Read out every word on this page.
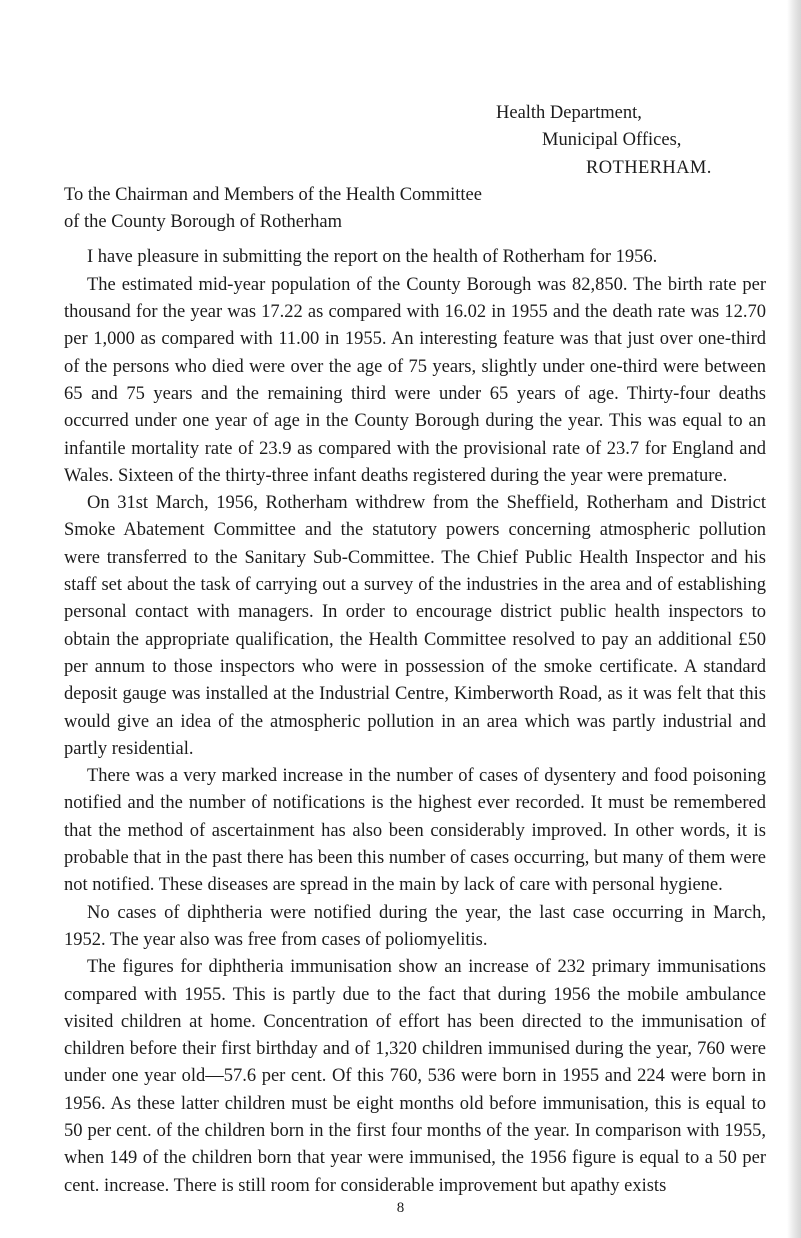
Health Department,
Municipal Offices,
ROTHERHAM.
To the Chairman and Members of the Health Committee
of the County Borough of Rotherham

I have pleasure in submitting the report on the health of Rotherham for 1956.

The estimated mid-year population of the County Borough was 82,850. The birth rate per thousand for the year was 17.22 as compared with 16.02 in 1955 and the death rate was 12.70 per 1,000 as compared with 11.00 in 1955. An interesting feature was that just over one-third of the persons who died were over the age of 75 years, slightly under one-third were between 65 and 75 years and the remaining third were under 65 years of age. Thirty-four deaths occurred under one year of age in the County Borough during the year. This was equal to an infantile mortality rate of 23.9 as compared with the provisional rate of 23.7 for England and Wales. Sixteen of the thirty-three infant deaths registered during the year were premature.

On 31st March, 1956, Rotherham withdrew from the Sheffield, Rotherham and District Smoke Abatement Committee and the statutory powers concerning atmospheric pollution were transferred to the Sanitary Sub-Committee. The Chief Public Health Inspector and his staff set about the task of carrying out a survey of the industries in the area and of establishing personal contact with managers. In order to encourage district public health inspectors to obtain the appropriate qualification, the Health Committee resolved to pay an additional £50 per annum to those inspectors who were in possession of the smoke certificate. A standard deposit gauge was installed at the Industrial Centre, Kimberworth Road, as it was felt that this would give an idea of the atmospheric pollution in an area which was partly industrial and partly residential.

There was a very marked increase in the number of cases of dysentery and food poisoning notified and the number of notifications is the highest ever recorded. It must be remembered that the method of ascertainment has also been considerably improved. In other words, it is probable that in the past there has been this number of cases occurring, but many of them were not notified. These diseases are spread in the main by lack of care with personal hygiene.

No cases of diphtheria were notified during the year, the last case occurring in March, 1952. The year also was free from cases of poliomyelitis.

The figures for diphtheria immunisation show an increase of 232 primary immunisations compared with 1955. This is partly due to the fact that during 1956 the mobile ambulance visited children at home. Concentration of effort has been directed to the immunisation of children before their first birthday and of 1,320 children immunised during the year, 760 were under one year old—57.6 per cent. Of this 760, 536 were born in 1955 and 224 were born in 1956. As these latter children must be eight months old before immunisation, this is equal to 50 per cent. of the children born in the first four months of the year. In comparison with 1955, when 149 of the children born that year were immunised, the 1956 figure is equal to a 50 per cent. increase. There is still room for considerable improvement but apathy exists

8
